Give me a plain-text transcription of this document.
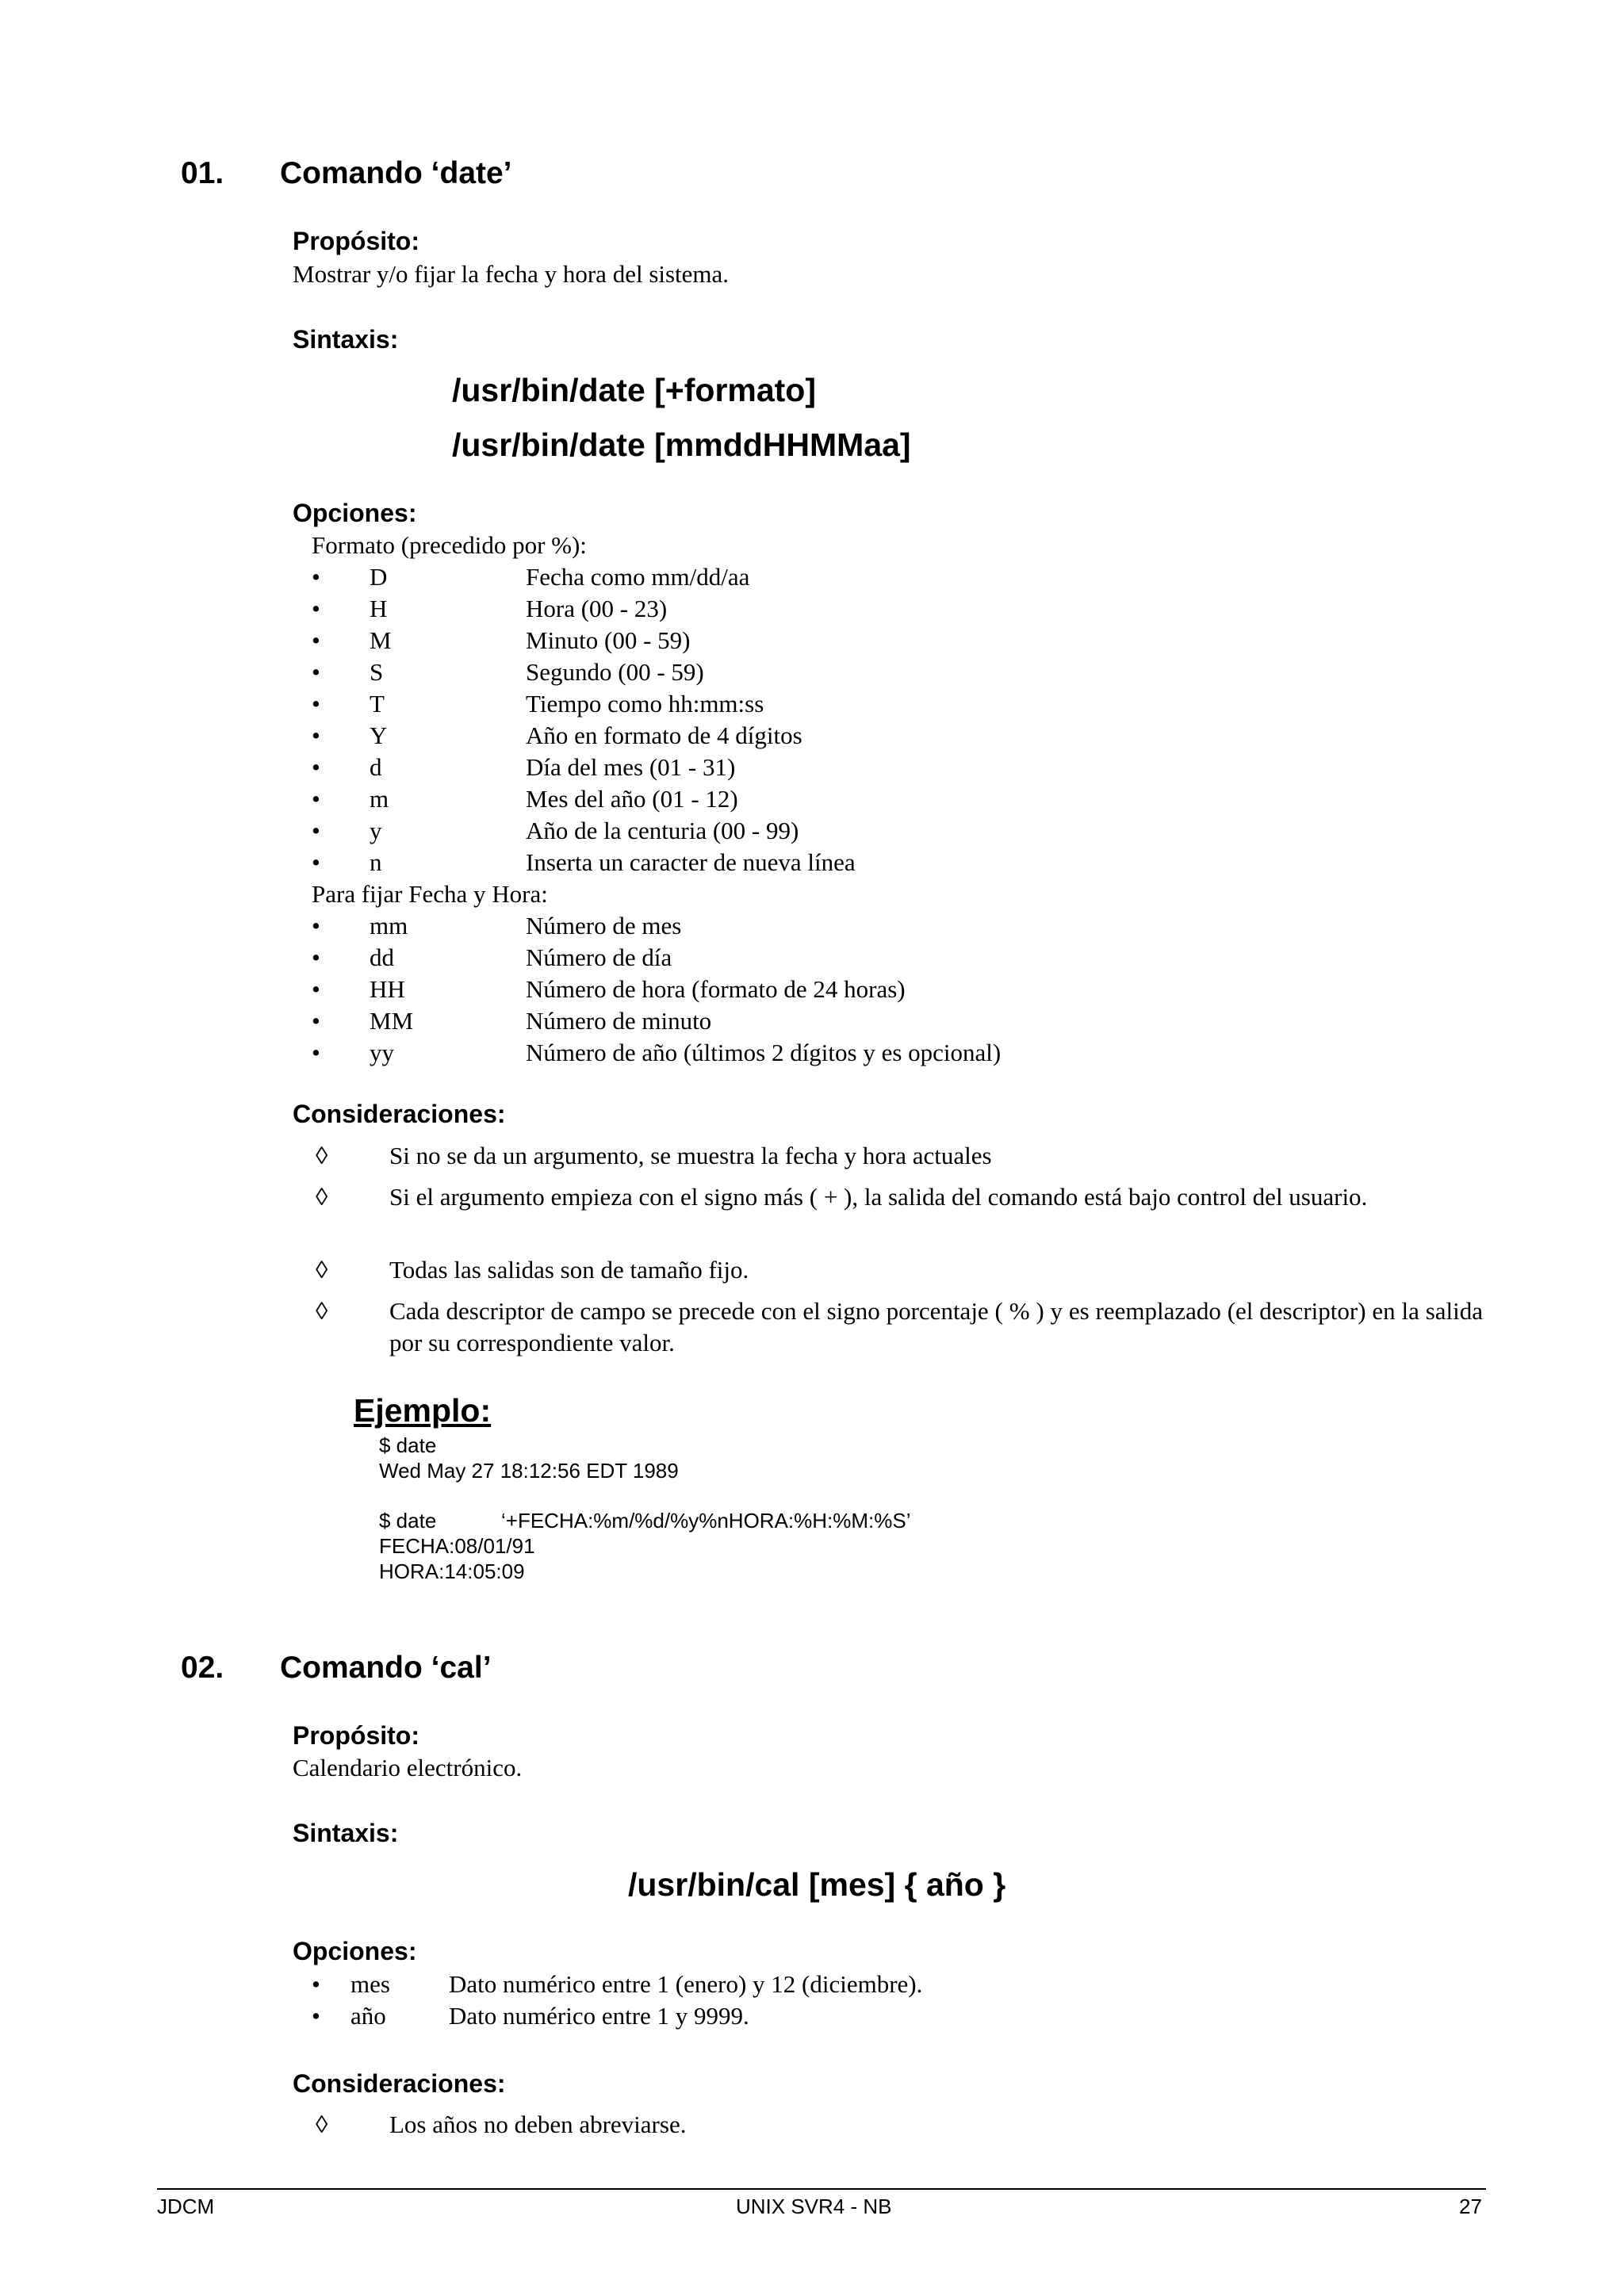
01. Comando ‘date’
Propósito:
Mostrar y/o fijar la fecha y hora del sistema.
Sintaxis:
/usr/bin/date [+formato]
/usr/bin/date [mmddHHMMaa]
Opciones:
Formato (precedido por %):
• D	Fecha como mm/dd/aa
• H	Hora (00 - 23)
• M	Minuto (00 - 59)
• S	Segundo (00 - 59)
• T	Tiempo como hh:mm:ss
• Y	Año en formato de 4 dígitos
• d	Día del mes (01 - 31)
• m	Mes del año (01 - 12)
• y	Año de la centuria (00 - 99)
• n	Inserta un caracter de nueva línea
Para fijar Fecha y Hora:
• mm	Número de mes
• dd	Número de día
• HH	Número de hora (formato de 24 horas)
• MM	Número de minuto
• yy	Número de año (últimos 2 dígitos y es opcional)
Consideraciones:
◊	Si no se da un argumento, se muestra la fecha y hora actuales
◊	Si el argumento empieza con el signo más ( + ), la salida del comando está bajo control del usuario.
◊	Todas las salidas son de tamaño fijo.
◊	Cada descriptor de campo se precede con el signo porcentaje ( % ) y es reemplazado (el descriptor) en la salida por su correspondiente valor.
Ejemplo:
$ date
Wed May 27 18:12:56 EDT 1989
$ date	‘+FECHA:%m/%d/%y%nHORA:%H:%M:%S’
FECHA:08/01/91
HORA:14:05:09
02. Comando ‘cal’
Propósito:
Calendario electrónico.
Sintaxis:
/usr/bin/cal [mes] { año }
Opciones:
• mes Dato numérico entre 1 (enero) y 12 (diciembre).
• año	Dato numérico entre 1 y 9999.
Consideraciones:
◊	Los años no deben abreviarse.
JDCM	UNIX SVR4 - NB	27
